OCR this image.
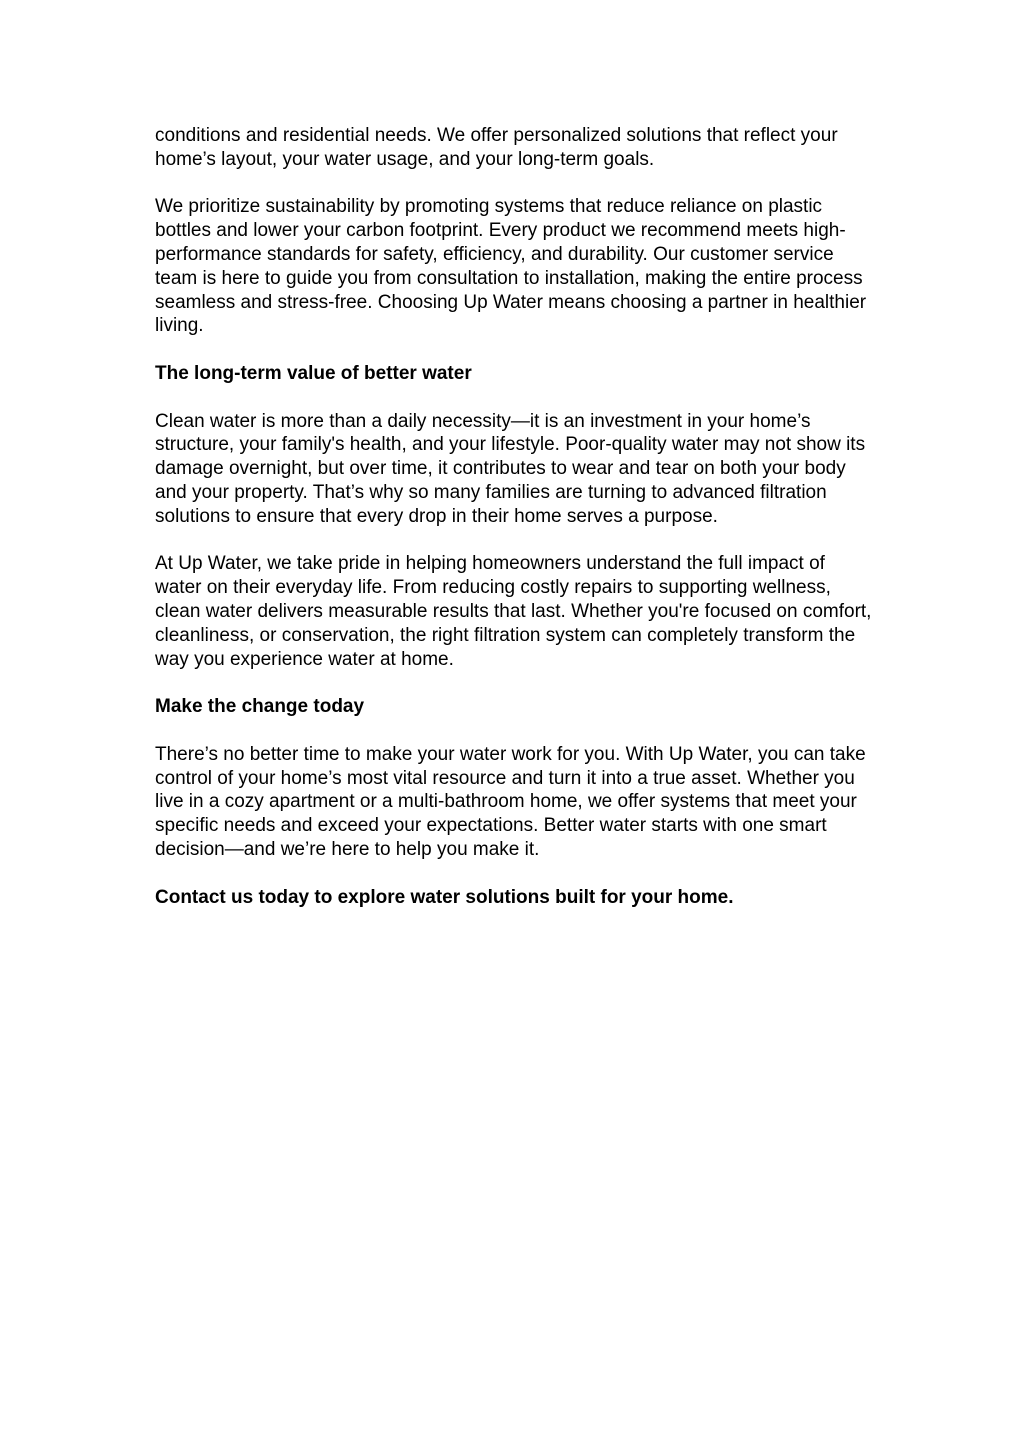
conditions and residential needs. We offer personalized solutions that reflect your home’s layout, your water usage, and your long-term goals.

We prioritize sustainability by promoting systems that reduce reliance on plastic bottles and lower your carbon footprint. Every product we recommend meets high-performance standards for safety, efficiency, and durability. Our customer service team is here to guide you from consultation to installation, making the entire process seamless and stress-free. Choosing Up Water means choosing a partner in healthier living.

The long-term value of better water

Clean water is more than a daily necessity—it is an investment in your home’s structure, your family's health, and your lifestyle. Poor-quality water may not show its damage overnight, but over time, it contributes to wear and tear on both your body and your property. That’s why so many families are turning to advanced filtration solutions to ensure that every drop in their home serves a purpose.

At Up Water, we take pride in helping homeowners understand the full impact of water on their everyday life. From reducing costly repairs to supporting wellness, clean water delivers measurable results that last. Whether you're focused on comfort, cleanliness, or conservation, the right filtration system can completely transform the way you experience water at home.

Make the change today

There’s no better time to make your water work for you. With Up Water, you can take control of your home’s most vital resource and turn it into a true asset. Whether you live in a cozy apartment or a multi-bathroom home, we offer systems that meet your specific needs and exceed your expectations. Better water starts with one smart decision—and we’re here to help you make it.

Contact us today to explore water solutions built for your home.
